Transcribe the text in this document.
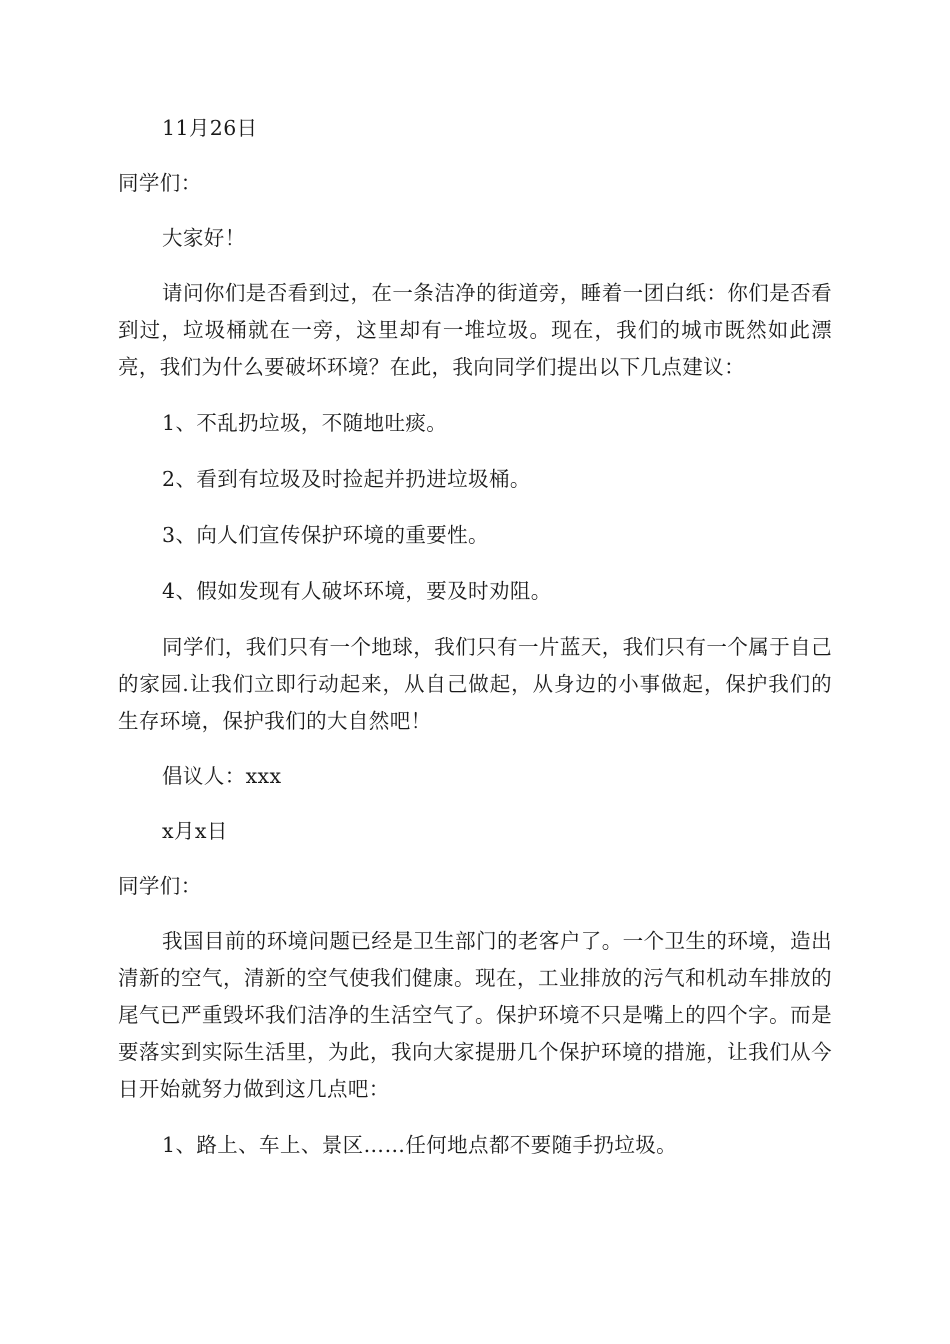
11月26日

同学们：

大家好！

请问你们是否看到过，在一条洁净的街道旁，睡着一团白纸：你们是否看到过，垃圾桶就在一旁，这里却有一堆垃圾。现在，我们的城市既然如此漂亮，我们为什么要破坏环境？在此，我向同学们提出以下几点建议：

1、不乱扔垃圾，不随地吐痰。

2、看到有垃圾及时捡起并扔进垃圾桶。

3、向人们宣传保护环境的重要性。

4、假如发现有人破坏环境，要及时劝阻。

同学们，我们只有一个地球，我们只有一片蓝天，我们只有一个属于自己的家园.让我们立即行动起来，从自己做起，从身边的小事做起，保护我们的生存环境，保护我们的大自然吧！

倡议人：xxx

x月x日

同学们：

我国目前的环境问题已经是卫生部门的老客户了。一个卫生的环境，造出清新的空气，清新的空气使我们健康。现在，工业排放的污气和机动车排放的尾气已严重毁坏我们洁净的生活空气了。保护环境不只是嘴上的四个字。而是要落实到实际生活里，为此，我向大家提册几个保护环境的措施，让我们从今日开始就努力做到这几点吧：

1、路上、车上、景区……任何地点都不要随手扔垃圾。
